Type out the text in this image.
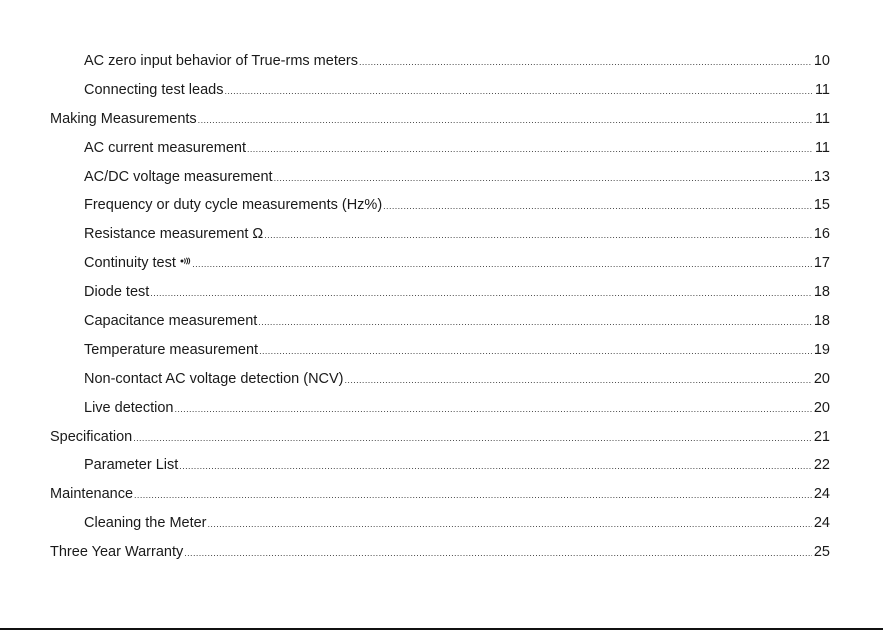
AC zero input behavior of True-rms meters .....	10
Connecting test leads .....	11
Making Measurements .....	11
AC current measurement .....	11
AC/DC voltage measurement .....	13
Frequency or duty cycle measurements (Hz%) .....	15
Resistance measurement Ω .....	16
Continuity test .....	17
Diode test .....	18
Capacitance measurement .....	18
Temperature measurement .....	19
Non-contact AC voltage detection (NCV) .....	20
Live detection .....	20
Specification .....	21
Parameter List .....	22
Maintenance .....	24
Cleaning the Meter .....	24
Three Year Warranty .....	25
